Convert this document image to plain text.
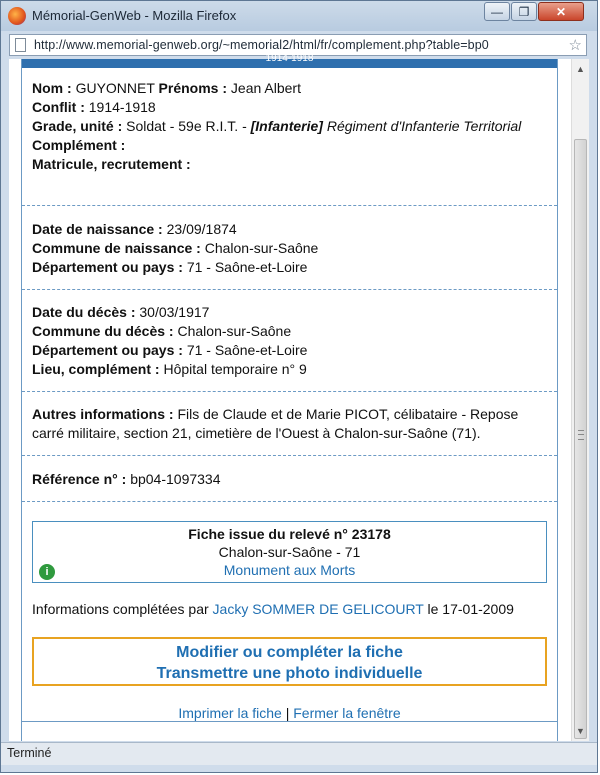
Mémorial-GenWeb - Mozilla Firefox	—	❐	✕
http://www.memorial-genweb.org/~memorial2/html/fr/complement.php?table=bp0	☆
1914-1918
Nom : GUYONNET Prénoms : Jean Albert
Conflit : 1914-1918
Grade, unité : Soldat - 59e R.I.T. - [Infanterie] Régiment d'Infanterie Territorial
Complément :
Matricule, recrutement :
Date de naissance : 23/09/1874
Commune de naissance : Chalon-sur-Saône
Département ou pays : 71 - Saône-et-Loire
Date du décès : 30/03/1917
Commune du décès : Chalon-sur-Saône
Département ou pays : 71 - Saône-et-Loire
Lieu, complément : Hôpital temporaire n° 9
Autres informations : Fils de Claude et de Marie PICOT, célibataire - Repose carré militaire, section 21, cimetière de l'Ouest à Chalon-sur-Saône (71).
Référence n° : bp04-1097334
Fiche issue du relevé n° 23178
Chalon-sur-Saône - 71
Monument aux Morts
i
Informations complétées par Jacky SOMMER DE GELICOURT le 17-01-2009
Modifier ou compléter la fiche
Transmettre une photo individuelle
Imprimer la fiche | Fermer la fenêtre
▲
▼
Terminé
